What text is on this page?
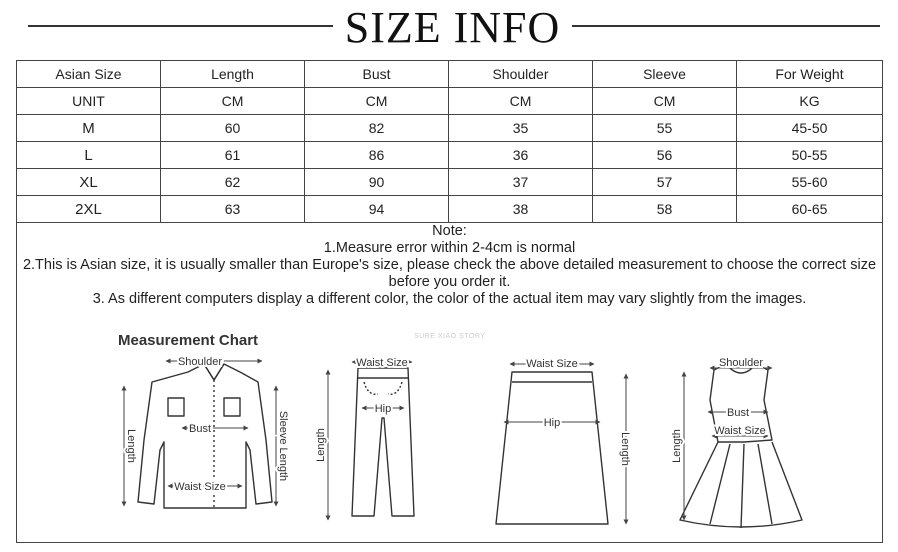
SIZE INFO
Asian Size	Length	Bust	Shoulder	Sleeve	For Weight
UNIT	CM	CM	CM	CM	KG
M	60	82	35	55	45-50
L	61	86	36	56	50-55
XL	62	90	37	57	55-60
2XL	63	94	38	58	60-65
Note:
1.Measure error within 2-4cm is normal
2.This is Asian size, it is usually smaller than Europe's size, please check the above detailed measurement to choose the correct size
before you order it.
3. As different computers display a different color, the color of the actual item may vary slightly from the images.
Measurement Chart	SURE XIAO STORY
Shoulder
Bust
Waist Size
Length	Sleeve Length
Waist Size
Hip
Length
Waist Size
Hip
Length
Shoulder
Bust
Waist Size
Length
